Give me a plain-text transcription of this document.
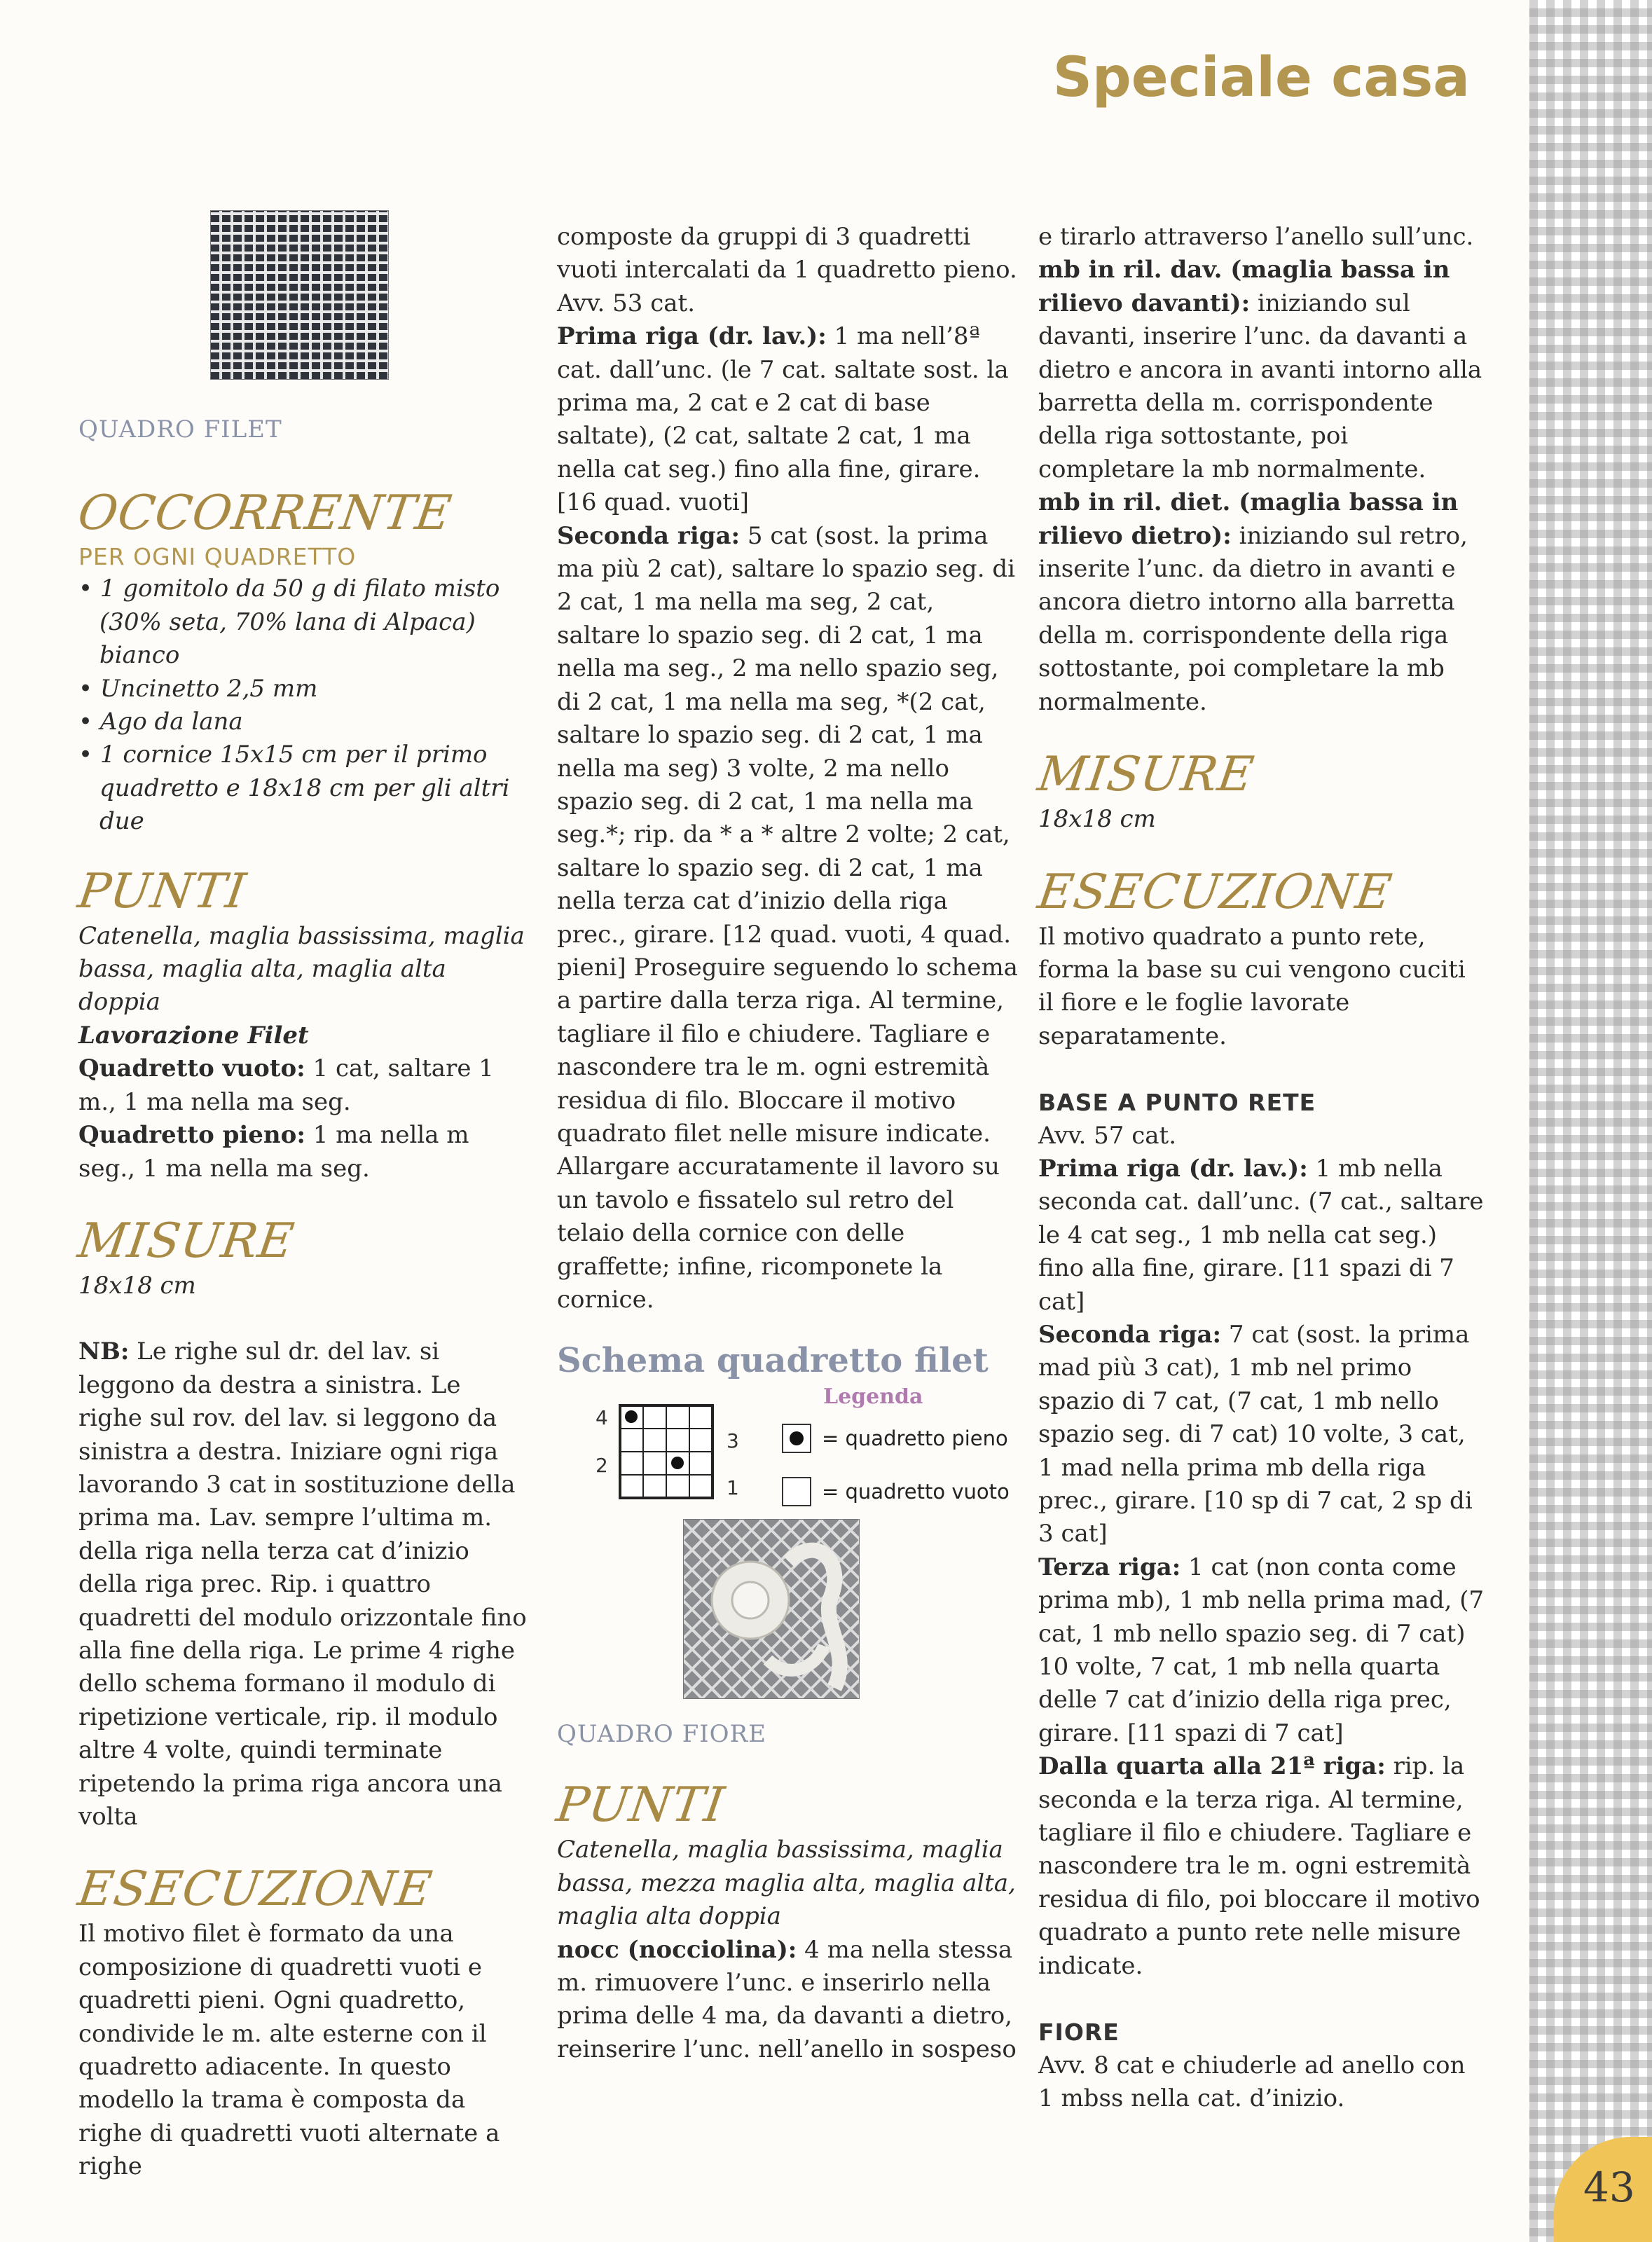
Speciale casa
43

QUADRO FILET

OCCORRENTE

PER OGNI QUADRETTO

• 1 gomitolo da 50 g di filato misto (30% seta, 70% lana di Alpaca) bianco
• Uncinetto 2,5 mm
• Ago da lana
• 1 cornice 15x15 cm per il primo quadretto e 18x18 cm per gli altri due

PUNTI

Catenella, maglia bassissima, maglia bassa, maglia alta, maglia alta doppia

Lavorazione Filet

Quadretto vuoto: 1 cat, saltare 1 m., 1 ma nella ma seg.

Quadretto pieno: 1 ma nella m seg., 1 ma nella ma seg.

MISURE

18x18 cm

NB: Le righe sul dr. del lav. si leggono da destra a sinistra. Le righe sul rov. del lav. si leggono da sinistra a destra. Iniziare ogni riga lavorando 3 cat in sostituzione della prima ma. Lav. sempre l’ultima m. della riga nella terza cat d’inizio della riga prec. Rip. i quattro quadretti del modulo orizzontale fino alla fine della riga. Le prime 4 righe dello schema formano il modulo di ripetizione verticale, rip. il modulo altre 4 volte, quindi terminate ripetendo la prima riga ancora una volta

ESECUZIONE

Il motivo filet è formato da una composizione di quadretti vuoti e quadretti pieni. Ogni quadretto, condivide le m. alte esterne con il quadretto adiacente. In questo modello la trama è composta da righe di quadretti vuoti alternate a righe

composte da gruppi di 3 quadretti vuoti intercalati da 1 quadretto pieno.

Avv. 53 cat.

Prima riga (dr. lav.): 1 ma nell’8ª cat. dall’unc. (le 7 cat. saltate sost. la prima ma, 2 cat e 2 cat di base saltate), (2 cat, saltate 2 cat, 1 ma nella cat seg.) fino alla fine, girare. [16 quad. vuoti]

Seconda riga: 5 cat (sost. la prima ma più 2 cat), saltare lo spazio seg. di 2 cat, 1 ma nella ma seg, 2 cat, saltare lo spazio seg. di 2 cat, 1 ma nella ma seg., 2 ma nello spazio seg, di 2 cat, 1 ma nella ma seg, *(2 cat, saltare lo spazio seg. di 2 cat, 1 ma nella ma seg) 3 volte, 2 ma nello spazio seg. di 2 cat, 1 ma nella ma seg.*; rip. da * a * altre 2 volte; 2 cat, saltare lo spazio seg. di 2 cat, 1 ma nella terza cat d’inizio della riga prec., girare. [12 quad. vuoti, 4 quad. pieni] Proseguire seguendo lo schema a partire dalla terza riga. Al termine, tagliare il filo e chiudere. Tagliare e nascondere tra le m. ogni estremità residua di filo. Bloccare il motivo quadrato filet nelle misure indicate. Allargare accuratamente il lavoro su un tavolo e fissatelo sul retro del telaio della cornice con delle graffette; infine, ricomponete la cornice.

Schema quadretto filet

4
2
3
1
Legenda
= quadretto pieno
= quadretto vuoto

QUADRO FIORE

PUNTI

Catenella, maglia bassissima, maglia bassa, mezza maglia alta, maglia alta, maglia alta doppia

nocc (nocciolina): 4 ma nella stessa m. rimuovere l’unc. e inserirlo nella prima delle 4 ma, da davanti a dietro, reinserire l’unc. nell’anello in sospeso

e tirarlo attraverso l’anello sull’unc.

mb in ril. dav. (maglia bassa in rilievo davanti): iniziando sul davanti, inserire l’unc. da davanti a dietro e ancora in avanti intorno alla barretta della m. corrispondente della riga sottostante, poi completare la mb normalmente.

mb in ril. diet. (maglia bassa in rilievo dietro): iniziando sul retro, inserite l’unc. da dietro in avanti e ancora dietro intorno alla barretta della m. corrispondente della riga sottostante, poi completare la mb normalmente.

MISURE

18x18 cm

ESECUZIONE

Il motivo quadrato a punto rete, forma la base su cui vengono cuciti il fiore e le foglie lavorate separatamente.

BASE A PUNTO RETE

Avv. 57 cat.

Prima riga (dr. lav.): 1 mb nella seconda cat. dall’unc. (7 cat., saltare le 4 cat seg., 1 mb nella cat seg.) fino alla fine, girare. [11 spazi di 7 cat]

Seconda riga: 7 cat (sost. la prima mad più 3 cat), 1 mb nel primo spazio di 7 cat, (7 cat, 1 mb nello spazio seg. di 7 cat) 10 volte, 3 cat, 1 mad nella prima mb della riga prec., girare. [10 sp di 7 cat, 2 sp di 3 cat]

Terza riga: 1 cat (non conta come prima mb), 1 mb nella prima mad, (7 cat, 1 mb nello spazio seg. di 7 cat) 10 volte, 7 cat, 1 mb nella quarta delle 7 cat d’inizio della riga prec, girare. [11 spazi di 7 cat]

Dalla quarta alla 21ª riga: rip. la seconda e la terza riga. Al termine, tagliare il filo e chiudere. Tagliare e nascondere tra le m. ogni estremità residua di filo, poi bloccare il motivo quadrato a punto rete nelle misure indicate.

FIORE

Avv. 8 cat e chiuderle ad anello con 1 mbss nella cat. d’inizio.
